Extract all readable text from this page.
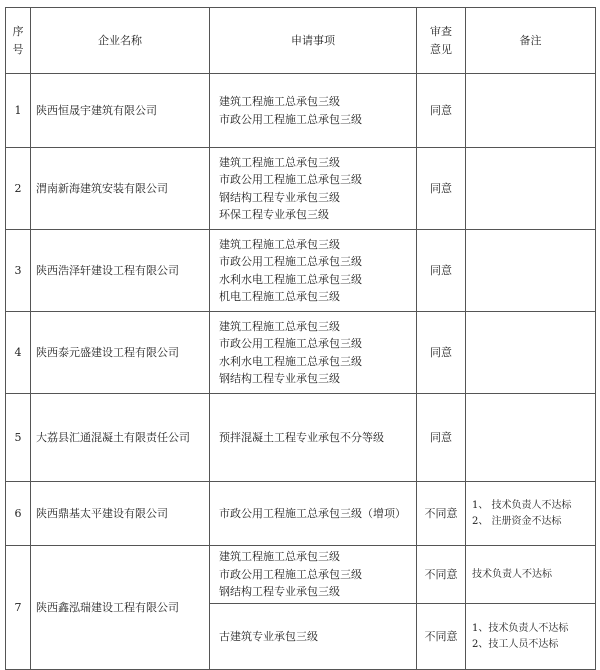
序
号	企业名称	申请事项	审查
意见	备注
1	陕西恒晟宇建筑有限公司	建筑工程施工总承包三级
市政公用工程施工总承包三级	同意	
2	渭南新海建筑安装有限公司	建筑工程施工总承包三级
市政公用工程施工总承包三级
钢结构工程专业承包三级
环保工程专业承包三级	同意	
3	陕西浩泽轩建设工程有限公司	建筑工程施工总承包三级
市政公用工程施工总承包三级
水利水电工程施工总承包三级
机电工程施工总承包三级	同意	
4	陕西泰元盛建设工程有限公司	建筑工程施工总承包三级
市政公用工程施工总承包三级
水利水电工程施工总承包三级
钢结构工程专业承包三级	同意	
5	大荔县汇通混凝土有限责任公司	预拌混凝土工程专业承包不分等级	同意	
6	陕西鼎基太平建设有限公司	市政公用工程施工总承包三级（增项）	不同意	1、 技术负责人不达标
2、 注册资金不达标

7	陕西鑫泓瑞建设工程有限公司	建筑工程施工总承包三级
市政公用工程施工总承包三级
钢结构工程专业承包三级	不同意	技术负责人不达标

		古建筑专业承包三级	不同意	1、技术负责人不达标
2、技工人员不达标
